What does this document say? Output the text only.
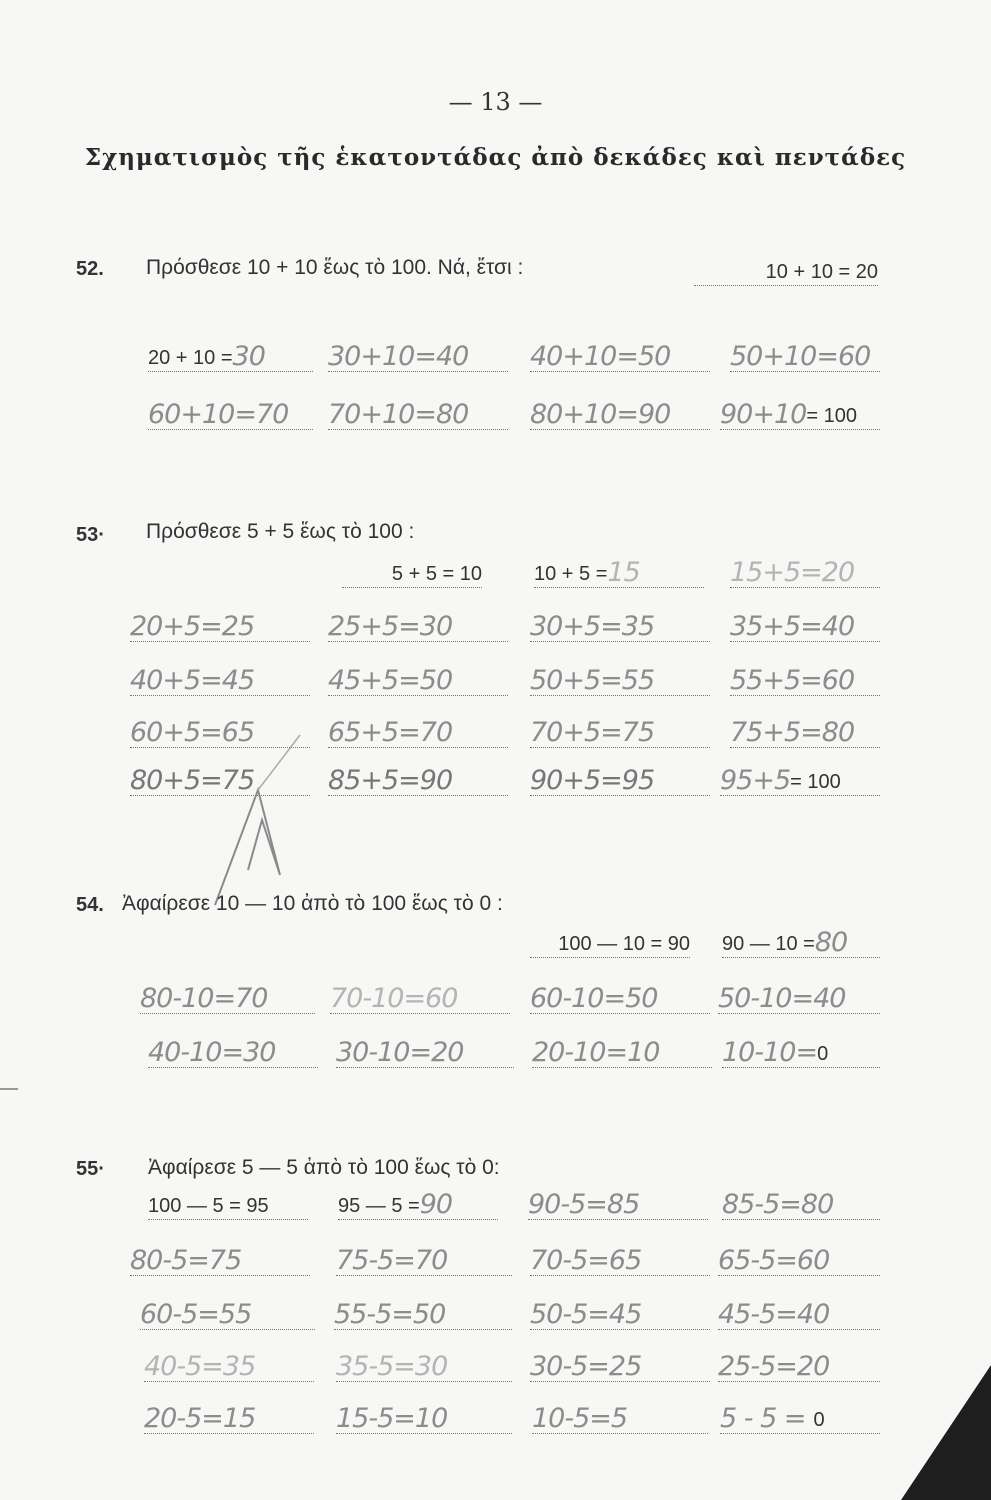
— 13 —
Σχηματισμὸς τῆς ἑκατοντάδας ἀπὸ δεκάδες καὶ πεντάδες
52. Πρόσθεσε 10 + 10 ἕως τὸ 100. Νά, ἔτσι :	10 + 10 = 20
20 + 10 = 30 30+10=40 40+10=50 50+10=60
60+10=70 70+10=80 80+10=90 90+10 = 100
53· Πρόσθεσε 5 + 5 ἕως τὸ 100 :
5 + 5 = 10	10 + 5 = 15	15+5=20
20+5=25	25+5=30	30+5=35	35+5=40
40+5=45	45+5=50	50+5=55	55+5=60
60+5=65	65+5=70	70+5=75	75+5=80
80+5=75	85+5=90	90+5=95 95+5 = 100
54. Ἀφαίρεσε 10 — 10 ἀπὸ τὸ 100 ἕως τὸ 0 :
100 — 10 = 90 90 — 10 = 80
80-10=70 70-10=60	60-10=50 50-10=40
40-10=30 30-10=20	20-10=10 10-10= 0
55· Ἀφαίρεσε 5 — 5 ἀπὸ τὸ 100 ἕως τὸ 0:
100 — 5 = 95	95 — 5 = 90	90-5=85	85-5=80
80-5=75	75-5=70	70-5=65	65-5=60
60-5=55	55-5=50	50-5=45	45-5=40
40-5=35	35-5=30	30-5=25	25-5=20
20-5=15	15-5=10	10-5=5	5 - 5 = 0
